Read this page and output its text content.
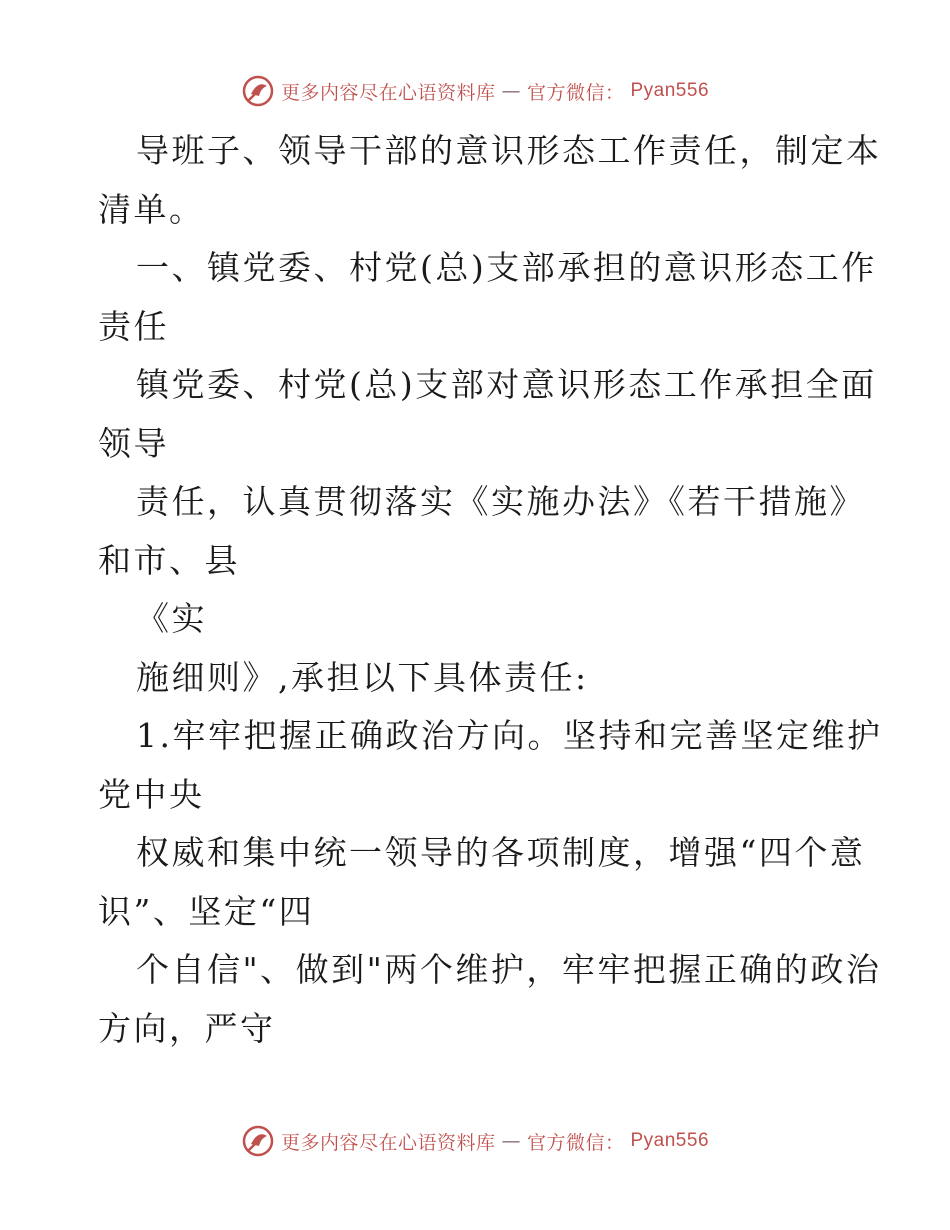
更多内容尽在心语资料库 — 官方微信： Pyan556
导班子、领导干部的意识形态工作责任，制定本
清单。
一、镇党委、村党(总)支部承担的意识形态工作
责任
镇党委、村党(总)支部对意识形态工作承担全面
领导
责任，认真贯彻落实《实施办法》《若干措施》
和市、县
《实
施细则》,承担以下具体责任:
1.牢牢把握正确政治方向。坚持和完善坚定维护
党中央
权威和集中统一领导的各项制度，增强“四个意
识”、坚定“四
个自信"、做到"两个维护，牢牢把握正确的政治
方向，严守
更多内容尽在心语资料库 — 官方微信： Pyan556
